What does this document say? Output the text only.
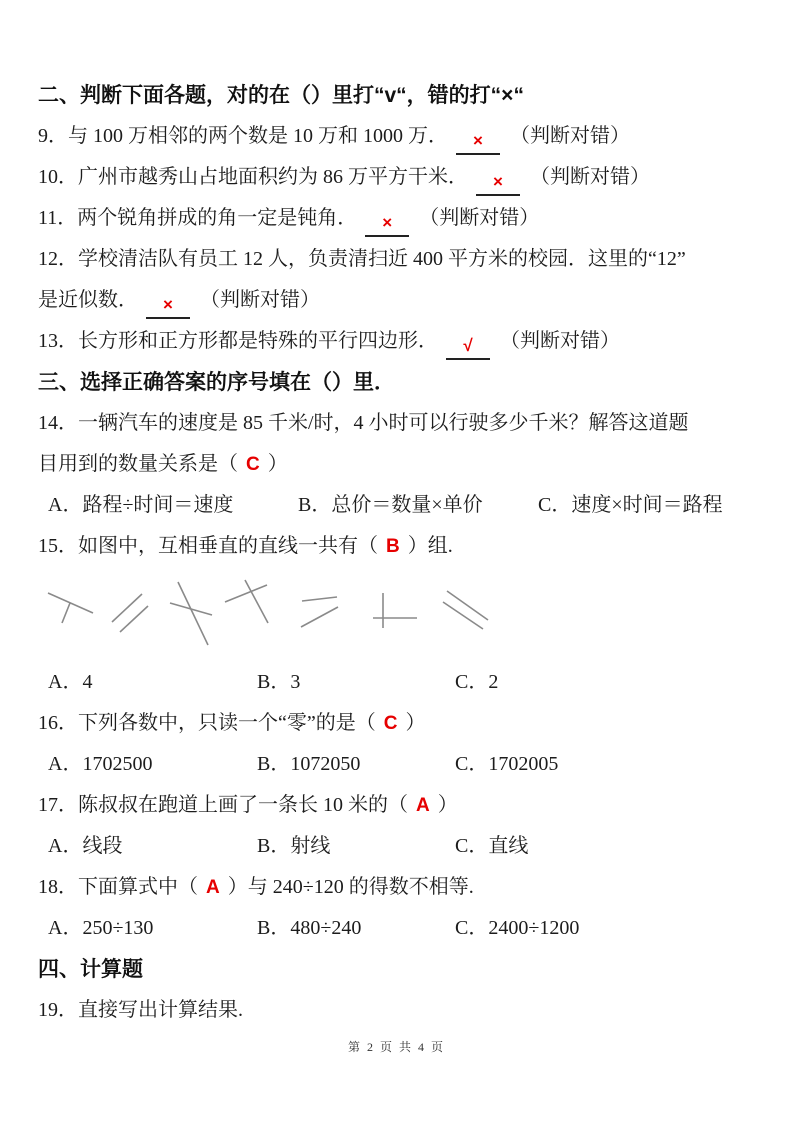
二、判断下面各题，对的在（）里打“v“，错的打“×“

9．与 100 万相邻的两个数是 10 万和 1000 万． × （判断对错）

10．广州市越秀山占地面积约为 86 万平方干米． × （判断对错）

11．两个锐角拼成的角一定是钝角． × （判断对错）

12．学校清洁队有员工 12 人，负责清扫近 400 平方米的校园．这里的“12”

是近似数． × （判断对错）

13．长方形和正方形都是特殊的平行四边形． √ （判断对错）

三、选择正确答案的序号填在（）里．

14．一辆汽车的速度是 85 千米/时，4 小时可以行驶多少千米？解答这道题

目用到的数量关系是（ C ）

A．路程÷时间＝速度	B．总价＝数量×单价	C．速度×时间＝路程

15．如图中，互相垂直的直线一共有（ B ）组.

A．4	B．3	C．2

16．下列各数中，只读一个“零”的是（ C ）

A．1702500	B．1072050	C．1702005

17．陈叔叔在跑道上画了一条长 10 米的（ A ）

A．线段	B．射线	C．直线

18．下面算式中（ A ）与 240÷120 的得数不相等.

A．250÷130	B．480÷240	C．2400÷1200

四、计算题

19．直接写出计算结果.

第 2 页 共 4 页
